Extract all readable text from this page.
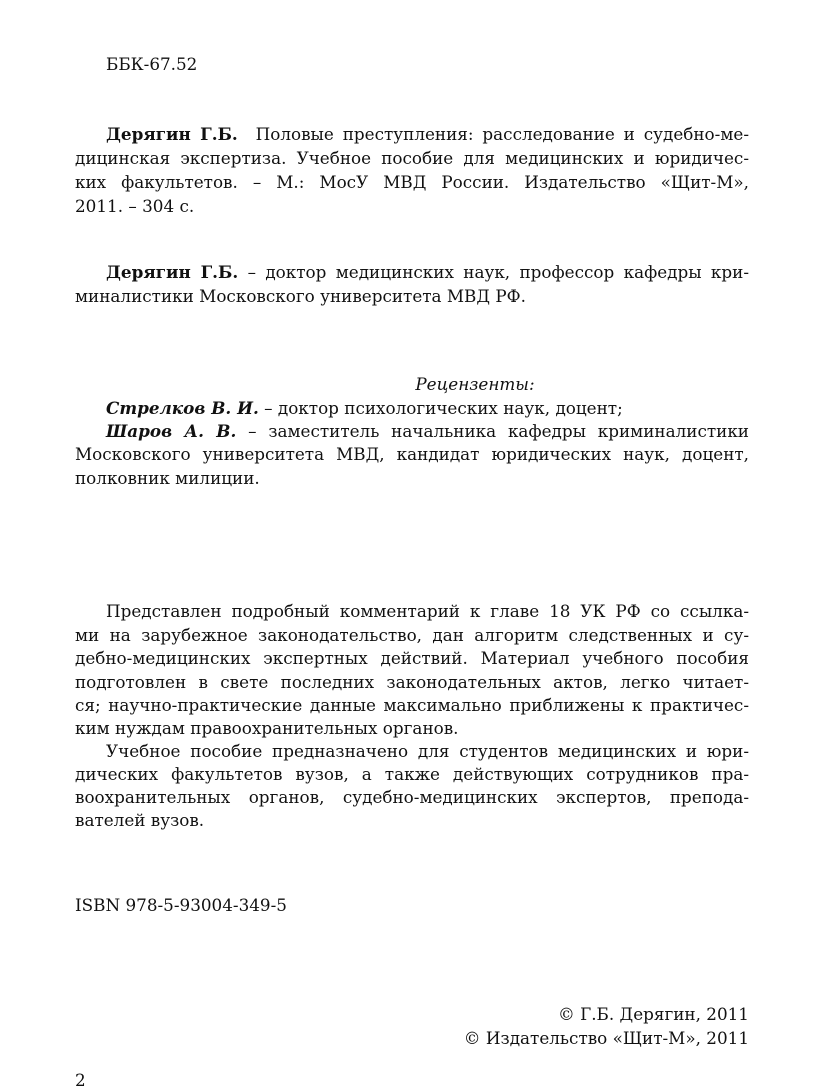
ББК-67.52
Дерягин Г.Б. Половые преступления: расследование и судебно-ме-
дицинская экспертиза. Учебное пособие для медицинских и юридичес-
ких факультетов. – М.: МосУ МВД России. Издательство «Щит-М»,
2011. – 304 с.
Дерягин Г.Б. – доктор медицинских наук, профессор кафедры кри-
миналистики Московского университета МВД РФ.
Рецензенты:
Стрелков В. И. – доктор психологических наук, доцент;
Шаров А. В. – заместитель начальника кафедры криминалистики
Московского университета МВД, кандидат юридических наук, доцент,
полковник милиции.
Представлен подробный комментарий к главе 18 УК РФ со ссылка-
ми на зарубежное законодательство, дан алгоритм следственных и су-
дебно-медицинских экспертных действий. Материал учебного пособия
подготовлен в свете последних законодательных актов, легко читает-
ся; научно-практические данные максимально приближены к практичес-
ким нуждам правоохранительных органов.
Учебное пособие предназначено для студентов медицинских и юри-
дических факультетов вузов, а также действующих сотрудников пра-
воохранительных органов, судебно-медицинских экспертов, препода-
вателей вузов.
ISBN 978-5-93004-349-5
© Г.Б. Дерягин, 2011
© Издательство «Щит-М», 2011
2
